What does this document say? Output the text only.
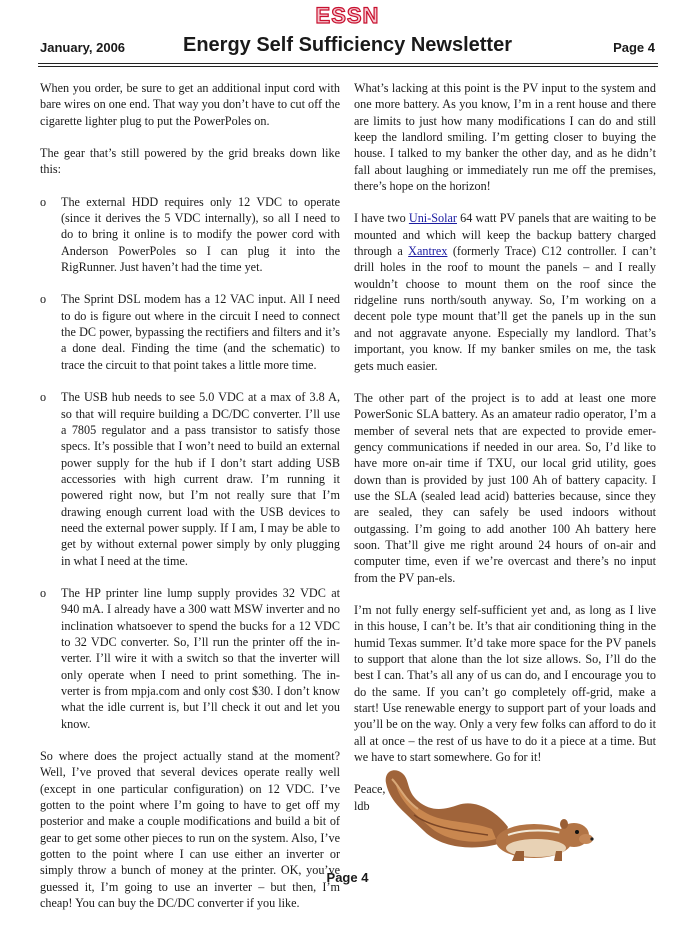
ESSN
January, 2006	Energy Self Sufficiency Newsletter	Page 4

When you order, be sure to get an additional input cord with bare wires on one end. That way you don’t have to cut off the cigarette lighter plug to put the PowerPoles on.

The gear that’s still powered by the grid breaks down like this:

o	The external HDD requires only 12 VDC to operate (since it derives the 5 VDC internally), so all I need to do to bring it online is to modify the power cord with Anderson PowerPoles so I can plug it into the RigRunner. Just haven’t had the time yet.
o	The Sprint DSL modem has a 12 VAC input. All I need to do is figure out where in the circuit I need to connect the DC power, bypassing the rectifiers and filters and it’s a done deal. Finding the time (and the schematic) to trace the circuit to that point takes a little more time.
o	The USB hub needs to see 5.0 VDC at a max of 3.8 A, so that will require building a DC/DC converter. I’ll use a 7805 regulator and a pass transistor to satisfy those specs. It’s possible that I won’t need to build an external power supply for the hub if I don’t start adding USB accessories with high current draw. I’m running it powered right now, but I’m not really sure that I’m drawing enough current load with the USB devices to need the external power supply. If I am, I may be able to get by without external power simply by only plugging in what I need at the time.
o	The HP printer line lump supply provides 32 VDC at 940 mA. I already have a 300 watt MSW inverter and no inclination whatsoever to spend the bucks for a 12 VDC to 32 VDC converter. So, I’ll run the printer off the in-verter. I’ll wire it with a switch so that the inverter will only operate when I need to print something. The in-verter is from mpja.com and only cost $30. I don’t know what the idle current is, but I’ll check it out and let you know.

So where does the project actually stand at the moment? Well, I’ve proved that several devices operate really well (except in one particular configuration) on 12 VDC. I’ve gotten to the point where I’m going to have to get off my posterior and make a couple modifications and build a bit of gear to get some other pieces to run on the system. Also, I’ve gotten to the point where I can use either an inverter or simply throw a bunch of money at the printer. OK, you’ve guessed it, I’m going to use an inverter – but then, I’m cheap! You can buy the DC/DC converter if you like.

What’s lacking at this point is the PV input to the system and one more battery. As you know, I’m in a rent house and there are limits to just how many modifications I can do and still keep the landlord smiling. I’m getting closer to buying the house. I talked to my banker the other day, and as he didn’t fall about laughing or immediately run me off the premises, there’s hope on the horizon!

I have two Uni-Solar 64 watt PV panels that are waiting to be mounted and which will keep the backup battery charged through a Xantrex (formerly Trace) C12 controller. I can’t drill holes in the roof to mount the panels – and I really wouldn’t choose to mount them on the roof since the ridgeline runs north/south anyway. So, I’m working on a decent pole type mount that’ll get the panels up in the sun and not aggravate anyone. Especially my landlord. That’s important, you know. If my banker smiles on me, the task gets much easier.

The other part of the project is to add at least one more PowerSonic SLA battery. As an amateur radio operator, I’m a member of several nets that are expected to provide emer-gency communications if needed in our area. So, I’d like to have more on-air time if TXU, our local grid utility, goes down than is provided by just 100 Ah of battery capacity. I use the SLA (sealed lead acid) batteries because, since they are sealed, they can safely be used indoors without outgassing. I’m going to add another 100 Ah battery here soon. That’ll give me right around 24 hours of on-air and computer time, even if we’re overcast and there’s no input from the PV pan-els.

I’m not fully energy self-sufficient yet and, as long as I live in this house, I can’t be. It’s that air conditioning thing in the humid Texas summer. It’d take more space for the PV panels to support that alone than the lot size allows. So, I’ll do the best I can. That’s all any of us can do, and I encourage you to do the same. If you can’t go completely off-grid, make a start! Use renewable energy to support part of your loads and you’ll be on the way. Only a very few folks can afford to do it all at once – the rest of us have to do it a piece at a time. But we have to start somewhere. Go for it!

Peace,

ldb

Page 4
